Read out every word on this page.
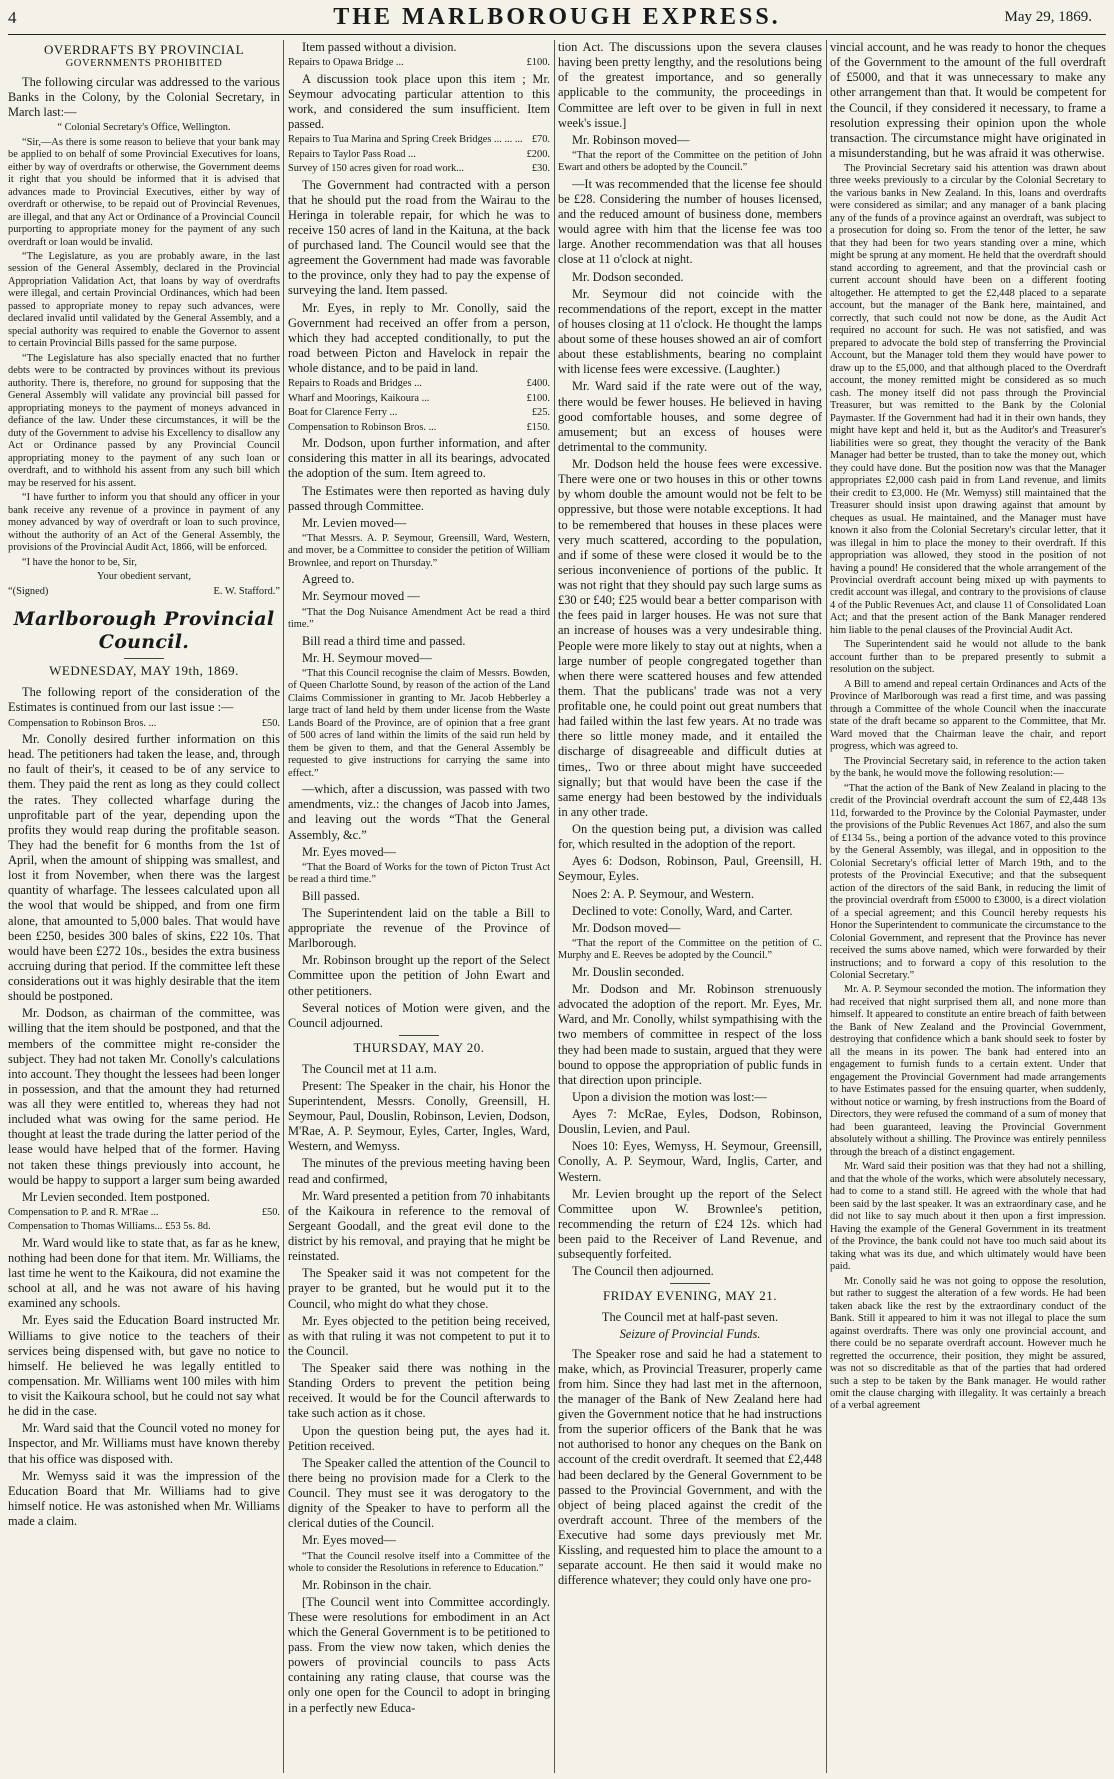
4	THE MARLBOROUGH EXPRESS.	May 29, 1869.
OVERDRAFTS BY PROVINCIAL
GOVERNMENTS PROHIBITED

The following circular was addressed to the various Banks in the Colony, by the Colonial Secretary, in March last:—

“ Colonial Secretary's Office, Wellington.

“Sir,—As there is some reason to believe that your bank may be applied to on behalf of some Provincial Executives for loans, either by way of overdrafts or otherwise, the Government deems it right that you should be informed that it is advised that advances made to Provincial Executives, either by way of overdraft or otherwise, to be repaid out of Provincial Revenues, are illegal, and that any Act or Ordinance of a Provincial Council purporting to appropriate money for the payment of any such overdraft or loan would be invalid.

“The Legislature, as you are probably aware, in the last session of the General Assembly, declared in the Provincial Appropriation Validation Act, that loans by way of overdrafts were illegal, and certain Provincial Ordinances, which had been passed to appropriate money to repay such advances, were declared invalid until validated by the General Assembly, and a special authority was required to enable the Governor to assent to certain Provincial Bills passed for the same purpose.

“The Legislature has also specially enacted that no further debts were to be contracted by provinces without its previous authority. There is, therefore, no ground for supposing that the General Assembly will validate any provincial bill passed for appropriating moneys to the payment of moneys advanced in defiance of the law. Under these circumstances, it will be the duty of the Government to advise his Excellency to disallow any Act or Ordinance passed by any Provincial Council appropriating money to the payment of any such loan or overdraft, and to withhold his assent from any such bill which may be reserved for his assent.

“I have further to inform you that should any officer in your bank receive any revenue of a province in payment of any money advanced by way of overdraft or loan to such province, without the authority of an Act of the General Assembly, the provisions of the Provincial Audit Act, 1866, will be enforced.

“I have the honor to be, Sir,

Your obedient servant,

“(Signed)	E. W. Stafford.”

Marlborough Provincial Council.

WEDNESDAY, MAY 19th, 1869.

The following report of the consideration of the Estimates is continued from our last issue :—

Compensation to Robinson Bros. ...	£50.

Mr. Conolly desired further information on this head. The petitioners had taken the lease, and, through no fault of their's, it ceased to be of any service to them. They paid the rent as long as they could collect the rates. They collected wharfage during the unprofitable part of the year, depending upon the profits they would reap during the profitable season. They had the benefit for 6 months from the 1st of April, when the amount of shipping was smallest, and lost it from November, when there was the largest quantity of wharfage. The lessees calculated upon all the wool that would be shipped, and from one firm alone, that amounted to 5,000 bales. That would have been £250, besides 300 bales of skins, £22 10s. That would have been £272 10s., besides the extra business accruing during that period. If the committee left these considerations out it was highly desirable that the item should be postponed.

Mr. Dodson, as chairman of the committee, was willing that the item should be postponed, and that the members of the committee might re-consider the subject. They had not taken Mr. Conolly's calculations into account. They thought the lessees had been longer in possession, and that the amount they had returned was all they were entitled to, whereas they had not included what was owing for the same period. He thought at least the trade during the latter period of the lease would have helped that of the former. Having not taken these things previously into account, he would be happy to support a larger sum being awarded

Mr Levien seconded. Item postponed.

Compensation to P. and R. M'Rae ...	£50.

Compensation to Thomas Williams... £53 5s. 8d.

Mr. Ward would like to state that, as far as he knew, nothing had been done for that item. Mr. Williams, the last time he went to the Kaikoura, did not examine the school at all, and he was not aware of his having examined any schools.

Mr. Eyes said the Education Board instructed Mr. Williams to give notice to the teachers of their services being dispensed with, but gave no notice to himself. He believed he was legally entitled to compensation. Mr. Williams went 100 miles with him to visit the Kaikoura school, but he could not say what he did in the case.

Mr. Ward said that the Council voted no money for Inspector, and Mr. Williams must have known thereby that his office was disposed with.

Mr. Wemyss said it was the impression of the Education Board that Mr. Williams had to give himself notice. He was astonished when Mr. Williams made a claim.

Item passed without a division.

Repairs to Opawa Bridge ...	£100.

A discussion took place upon this item ; Mr. Seymour advocating particular attention to this work, and considered the sum insufficient. Item passed.

Repairs to Tua Marina and Spring Creek Bridges ... ... ... £70.

Repairs to Taylor Pass Road ...	£200.

Survey of 150 acres given for road work...	£30.

The Government had contracted with a person that he should put the road from the Wairau to the Heringa in tolerable repair, for which he was to receive 150 acres of land in the Kaituna, at the back of purchased land. The Council would see that the agreement the Government had made was favorable to the province, only they had to pay the expense of surveying the land. Item passed.

Mr. Eyes, in reply to Mr. Conolly, said the Government had received an offer from a person, which they had accepted conditionally, to put the road between Picton and Havelock in repair the whole distance, and to be paid in land.

Repairs to Roads and Bridges ...	£400.

Wharf and Moorings, Kaikoura ...	£100.

Boat for Clarence Ferry ...	£25.

Compensation to Robinson Bros. ...	£150.

Mr. Dodson, upon further information, and after considering this matter in all its bearings, advocated the adoption of the sum. Item agreed to.

The Estimates were then reported as having duly passed through Committee.

Mr. Levien moved—

“That Messrs. A. P. Seymour, Greensill, Ward, Western, and mover, be a Committee to consider the petition of William Brownlee, and report on Thursday.”

Agreed to.

Mr. Seymour moved —

“That the Dog Nuisance Amendment Act be read a third time.”

Bill read a third time and passed.

Mr. H. Seymour moved—

“That this Council recognise the claim of Messrs. Bowden, of Queen Charlotte Sound, by reason of the action of the Land Claims Commissioner in granting to Mr. Jacob Hebberley a large tract of land held by them under license from the Waste Lands Board of the Province, are of opinion that a free grant of 500 acres of land within the limits of the said run held by them be given to them, and that the General Assembly be requested to give instructions for carrying the same into effect.”

—which, after a discussion, was passed with two amendments, viz.: the changes of Jacob into James, and leaving out the words “That the General Assembly, &c.”

Mr. Eyes moved—

“That the Board of Works for the town of Picton Trust Act be read a third time.”

Bill passed.

The Superintendent laid on the table a Bill to appropriate the revenue of the Province of Marlborough.

Mr. Robinson brought up the report of the Select Committee upon the petition of John Ewart and other petitioners.

Several notices of Motion were given, and the Council adjourned.

THURSDAY, MAY 20.

The Council met at 11 a.m.

Present: The Speaker in the chair, his Honor the Superintendent, Messrs. Conolly, Greensill, H. Seymour, Paul, Douslin, Robinson, Levien, Dodson, M'Rae, A. P. Seymour, Eyles, Carter, Ingles, Ward, Western, and Wemyss.

The minutes of the previous meeting having been read and confirmed,

Mr. Ward presented a petition from 70 inhabitants of the Kaikoura in reference to the removal of Sergeant Goodall, and the great evil done to the district by his removal, and praying that he might be reinstated.

The Speaker said it was not competent for the prayer to be granted, but he would put it to the Council, who might do what they chose.

Mr. Eyes objected to the petition being received, as with that ruling it was not competent to put it to the Council.

The Speaker said there was nothing in the Standing Orders to prevent the petition being received. It would be for the Council afterwards to take such action as it chose.

Upon the question being put, the ayes had it. Petition received.

The Speaker called the attention of the Council to there being no provision made for a Clerk to the Council. They must see it was derogatory to the dignity of the Speaker to have to perform all the clerical duties of the Council.

Mr. Eyes moved—

“That the Council resolve itself into a Committee of the whole to consider the Resolutions in reference to Education.”

Mr. Robinson in the chair.

[The Council went into Committee accordingly. These were resolutions for embodiment in an Act which the General Government is to be petitioned to pass. From the view now taken, which denies the powers of provincial councils to pass Acts containing any rating clause, that course was the only one open for the Council to adopt in bringing in a perfectly new Educa-

tion Act. The discussions upon the severa clauses having been pretty lengthy, and the resolutions being of the greatest importance, and so generally applicable to the community, the proceedings in Committee are left over to be given in full in next week's issue.]

Mr. Robinson moved—

“That the report of the Committee on the petition of John Ewart and others be adopted by the Council.”

—It was recommended that the license fee should be £28. Considering the number of houses licensed, and the reduced amount of business done, members would agree with him that the license fee was too large. Another recommendation was that all houses close at 11 o'clock at night.

Mr. Dodson seconded.

Mr. Seymour did not coincide with the recommendations of the report, except in the matter of houses closing at 11 o'clock. He thought the lamps about some of these houses showed an air of comfort about these establishments, bearing no complaint with license fees were excessive. (Laughter.)

Mr. Ward said if the rate were out of the way, there would be fewer houses. He believed in having good comfortable houses, and some degree of amusement; but an excess of houses were detrimental to the community.

Mr. Dodson held the house fees were excessive. There were one or two houses in this or other towns by whom double the amount would not be felt to be oppressive, but those were notable exceptions. It had to be remembered that houses in these places were very much scattered, according to the population, and if some of these were closed it would be to the serious inconvenience of portions of the public. It was not right that they should pay such large sums as £30 or £40; £25 would bear a better comparison with the fees paid in larger houses. He was not sure that an increase of houses was a very undesirable thing. People were more likely to stay out at nights, when a large number of people congregated together than when there were scattered houses and few attended them. That the publicans' trade was not a very profitable one, he could point out great numbers that had failed within the last few years. At no trade was there so little money made, and it entailed the discharge of disagreeable and difficult duties at times,. Two or three about might have succeeded signally; but that would have been the case if the same energy had been bestowed by the individuals in any other trade.

On the question being put, a division was called for, which resulted in the adoption of the report.

Ayes 6: Dodson, Robinson, Paul, Greensill, H. Seymour, Eyles.

Noes 2: A. P. Seymour, and Western.

Declined to vote: Conolly, Ward, and Carter.

Mr. Dodson moved—

“That the report of the Committee on the petition of C. Murphy and E. Reeves be adopted by the Council.”

Mr. Douslin seconded.

Mr. Dodson and Mr. Robinson strenuously advocated the adoption of the report. Mr. Eyes, Mr. Ward, and Mr. Conolly, whilst sympathising with the two members of committee in respect of the loss they had been made to sustain, argued that they were bound to oppose the appropriation of public funds in that direction upon principle.

Upon a division the motion was lost:—

Ayes 7: McRae, Eyles, Dodson, Robinson, Douslin, Levien, and Paul.

Noes 10: Eyes, Wemyss, H. Seymour, Greensill, Conolly, A. P. Seymour, Ward, Inglis, Carter, and Western.

Mr. Levien brought up the report of the Select Committee upon W. Brownlee's petition, recommending the return of £24 12s. which had been paid to the Receiver of Land Revenue, and subsequently forfeited.

The Council then adjourned.

FRIDAY EVENING, MAY 21.

The Council met at half-past seven.

Seizure of Provincial Funds.

The Speaker rose and said he had a statement to make, which, as Provincial Treasurer, properly came from him. Since they had last met in the afternoon, the manager of the Bank of New Zealand here had given the Government notice that he had instructions from the superior officers of the Bank that he was not authorised to honor any cheques on the Bank on account of the credit overdraft. It seemed that £2,448 had been declared by the General Government to be passed to the Provincial Government, and with the object of being placed against the credit of the overdraft account. Three of the members of the Executive had some days previously met Mr. Kissling, and requested him to place the amount to a separate account. He then said it would make no difference whatever; they could only have one pro-

vincial account, and he was ready to honor the cheques of the Government to the amount of the full overdraft of £5000, and that it was unnecessary to make any other arrangement than that. It would be competent for the Council, if they considered it necessary, to frame a resolution expressing their opinion upon the whole transaction. The circumstance might have originated in a misunderstanding, but he was afraid it was otherwise.

The Provincial Secretary said his attention was drawn about three weeks previously to a circular by the Colonial Secretary to the various banks in New Zealand. In this, loans and overdrafts were considered as similar; and any manager of a bank placing any of the funds of a province against an overdraft, was subject to a prosecution for doing so. From the tenor of the letter, he saw that they had been for two years standing over a mine, which might be sprung at any moment. He held that the overdraft should stand according to agreement, and that the provincial cash or current account should have been on a different footing altogether. He attempted to get the £2,448 placed to a separate account, but the manager of the Bank here, maintained, and correctly, that such could not now be done, as the Audit Act required no account for such. He was not satisfied, and was prepared to advocate the bold step of transferring the Provincial Account, but the Manager told them they would have power to draw up to the £5,000, and that although placed to the Overdraft account, the money remitted might be considered as so much cash. The money itself did not pass through the Provincial Treasurer, but was remitted to the Bank by the Colonial Paymaster. If the Government had had it in their own hands, they might have kept and held it, but as the Auditor's and Treasurer's liabilities were so great, they thought the veracity of the Bank Manager had better be trusted, than to take the money out, which they could have done. But the position now was that the Manager appropriates £2,000 cash paid in from Land revenue, and limits their credit to £3,000. He (Mr. Wemyss) still maintained that the Treasurer should insist upon drawing against that amount by cheques as usual. He maintained, and the Manager must have known it also from the Colonial Secretary's circular letter, that it was illegal in him to place the money to their overdraft. If this appropriation was allowed, they stood in the position of not having a pound! He considered that the whole arrangement of the Provincial overdraft account being mixed up with payments to credit account was illegal, and contrary to the provisions of clause 4 of the Public Revenues Act, and clause 11 of Consolidated Loan Act; and that the present action of the Bank Manager rendered him liable to the penal clauses of the Provincial Audit Act.

The Superintendent said he would not allude to the bank account further than to be prepared presently to submit a resolution on the subject.

A Bill to amend and repeal certain Ordinances and Acts of the Province of Marlborough was read a first time, and was passing through a Committee of the whole Council when the inaccurate state of the draft became so apparent to the Committee, that Mr. Ward moved that the Chairman leave the chair, and report progress, which was agreed to.

The Provincial Secretary said, in reference to the action taken by the bank, he would move the following resolution:—

“That the action of the Bank of New Zealand in placing to the credit of the Provincial overdraft account the sum of £2,448 13s 11d, forwarded to the Province by the Colonial Paymaster, under the provisions of the Public Revenues Act 1867, and also the sum of £134 5s., being a portion of the advance voted to this province by the General Assembly, was illegal, and in opposition to the Colonial Secretary's official letter of March 19th, and to the protests of the Provincial Executive; and that the subsequent action of the directors of the said Bank, in reducing the limit of the provincial overdraft from £5000 to £3000, is a direct violation of a special agreement; and this Council hereby requests his Honor the Superintendent to communicate the circumstance to the Colonial Government, and represent that the Province has never received the sums above named, which were forwarded by their instructions; and to forward a copy of this resolution to the Colonial Secretary.”

Mr. A. P. Seymour seconded the motion. The information they had received that night surprised them all, and none more than himself. It appeared to constitute an entire breach of faith between the Bank of New Zealand and the Provincial Government, destroying that confidence which a bank should seek to foster by all the means in its power. The bank had entered into an engagement to furnish funds to a certain extent. Under that engagement the Provincial Government had made arrangements to have Estimates passed for the ensuing quarter, when suddenly, without notice or warning, by fresh instructions from the Board of Directors, they were refused the command of a sum of money that had been guaranteed, leaving the Provincial Government absolutely without a shilling. The Province was entirely penniless through the breach of a distinct engagement.

Mr. Ward said their position was that they had not a shilling, and that the whole of the works, which were absolutely necessary, had to come to a stand still. He agreed with the whole that had been said by the last speaker. It was an extraordinary case, and he did not like to say much about it then upon a first impression. Having the example of the General Government in its treatment of the Province, the bank could not have too much said about its taking what was its due, and which ultimately would have been paid.

Mr. Conolly said he was not going to oppose the resolution, but rather to suggest the alteration of a few words. He had been taken aback like the rest by the extraordinary conduct of the Bank. Still it appeared to him it was not illegal to place the sum against overdrafts. There was only one provincial account, and there could be no separate overdraft account. However much he regretted the occurrence, their position, they might be assured, was not so discreditable as that of the parties that had ordered such a step to be taken by the Bank manager. He would rather omit the clause charging with illegality. It was certainly a breach of a verbal agreement
